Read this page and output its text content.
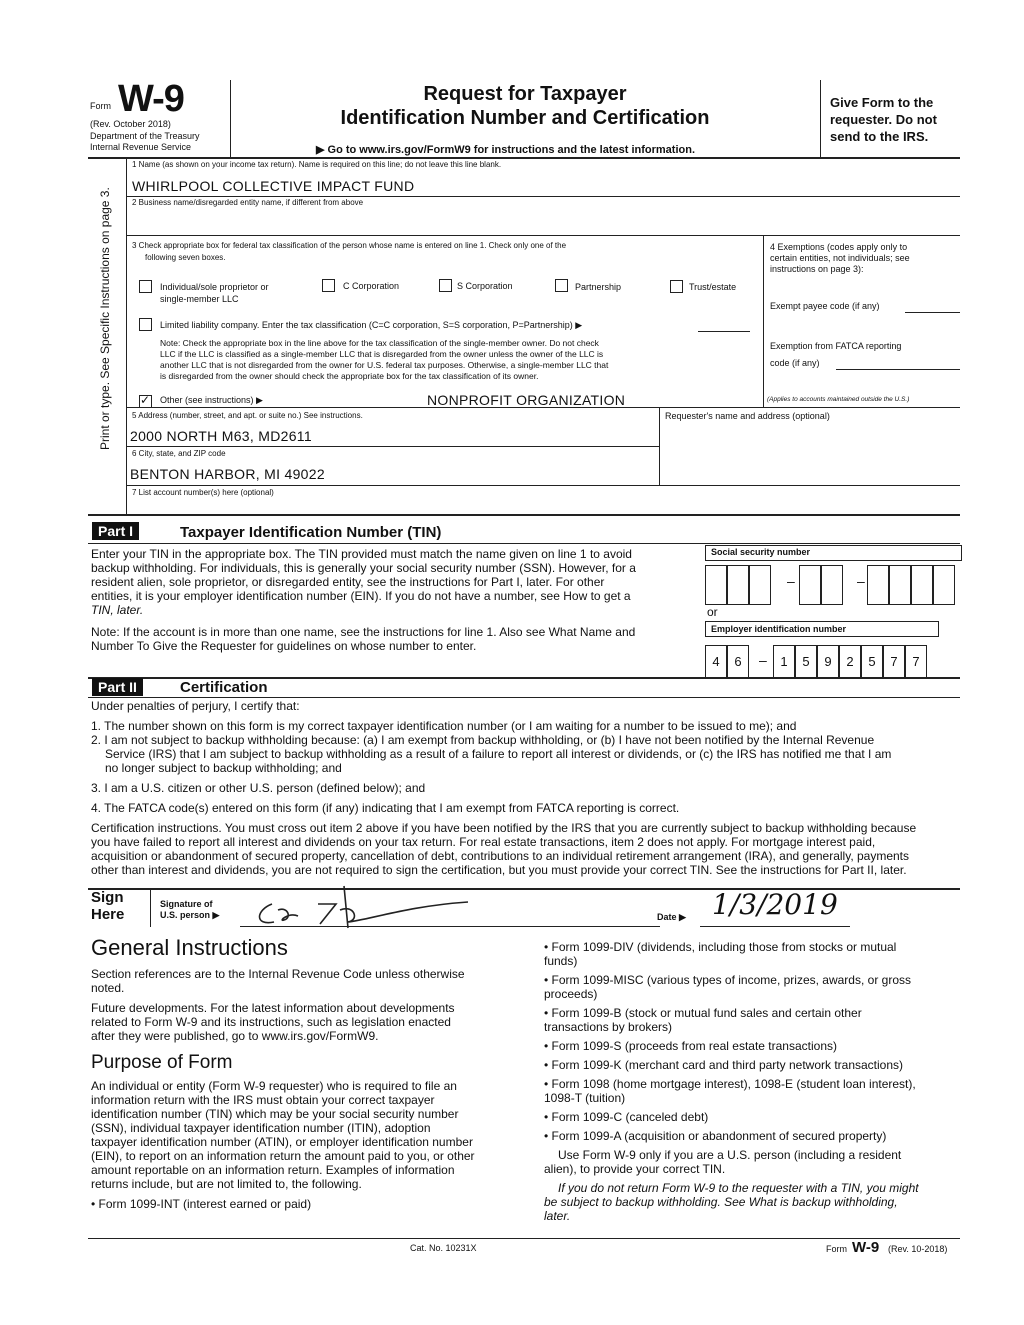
Form W-9
(Rev. October 2018)
Department of the Treasury
Internal Revenue Service
Request for Taxpayer
Identification Number and Certification
▶ Go to www.irs.gov/FormW9 for instructions and the latest information.
Give Form to the
requester. Do not
send to the IRS.
Print or type. See Specific Instructions on page 3.
1 Name (as shown on your income tax return). Name is required on this line; do not leave this line blank.
WHIRLPOOL COLLECTIVE IMPACT FUND
2 Business name/disregarded entity name, if different from above
3 Check appropriate box for federal tax classification of the person whose name is entered on line 1. Check only one of the
following seven boxes.
Individual/sole proprietor or
single-member LLC
C Corporation	S Corporation	Partnership	Trust/estate
Limited liability company. Enter the tax classification (C=C corporation, S=S corporation, P=Partnership) ▶
Note: Check the appropriate box in the line above for the tax classification of the single-member owner. Do not check
LLC if the LLC is classified as a single-member LLC that is disregarded from the owner unless the owner of the LLC is
another LLC that is not disregarded from the owner for U.S. federal tax purposes. Otherwise, a single-member LLC that
is disregarded from the owner should check the appropriate box for the tax classification of its owner.
✓
Other (see instructions) ▶	NONPROFIT ORGANIZATION
4 Exemptions (codes apply only to
certain entities, not individuals; see
instructions on page 3):
Exempt payee code (if any)
Exemption from FATCA reporting
code (if any)
(Applies to accounts maintained outside the U.S.)
5 Address (number, street, and apt. or suite no.) See instructions.
2000 NORTH M63, MD2611
Requester's name and address (optional)
6 City, state, and ZIP code
BENTON HARBOR, MI 49022
7 List account number(s) here (optional)
Part I	Taxpayer Identification Number (TIN)
Enter your TIN in the appropriate box. The TIN provided must match the name given on line 1 to avoid
backup withholding. For individuals, this is generally your social security number (SSN). However, for a
resident alien, sole proprietor, or disregarded entity, see the instructions for Part I, later. For other
entities, it is your employer identification number (EIN). If you do not have a number, see How to get a
TIN, later.
Note: If the account is in more than one name, see the instructions for line 1. Also see What Name and
Number To Give the Requester for guidelines on whose number to enter.
Social security number
–	–
or
Employer identification number
4	6	–	1	5	9	2	5	7	7
Part II	Certification
Under penalties of perjury, I certify that:
1. The number shown on this form is my correct taxpayer identification number (or I am waiting for a number to be issued to me); and
2. I am not subject to backup withholding because: (a) I am exempt from backup withholding, or (b) I have not been notified by the Internal Revenue
Service (IRS) that I am subject to backup withholding as a result of a failure to report all interest or dividends, or (c) the IRS has notified me that I am
no longer subject to backup withholding; and
3. I am a U.S. citizen or other U.S. person (defined below); and
4. The FATCA code(s) entered on this form (if any) indicating that I am exempt from FATCA reporting is correct.
Certification instructions. You must cross out item 2 above if you have been notified by the IRS that you are currently subject to backup withholding because
you have failed to report all interest and dividends on your tax return. For real estate transactions, item 2 does not apply. For mortgage interest paid,
acquisition or abandonment of secured property, cancellation of debt, contributions to an individual retirement arrangement (IRA), and generally, payments
other than interest and dividends, you are not required to sign the certification, but you must provide your correct TIN. See the instructions for Part II, later.
Sign
Here
Signature of
U.S. person ▶	Date ▶ 1/3/2019
General Instructions
Section references are to the Internal Revenue Code unless otherwise
noted.
Future developments. For the latest information about developments
related to Form W-9 and its instructions, such as legislation enacted
after they were published, go to www.irs.gov/FormW9.
Purpose of Form
An individual or entity (Form W-9 requester) who is required to file an
information return with the IRS must obtain your correct taxpayer
identification number (TIN) which may be your social security number
(SSN), individual taxpayer identification number (ITIN), adoption
taxpayer identification number (ATIN), or employer identification number
(EIN), to report on an information return the amount paid to you, or other
amount reportable on an information return. Examples of information
returns include, but are not limited to, the following.
• Form 1099-INT (interest earned or paid)
• Form 1099-DIV (dividends, including those from stocks or mutual
funds)
• Form 1099-MISC (various types of income, prizes, awards, or gross
proceeds)
• Form 1099-B (stock or mutual fund sales and certain other
transactions by brokers)
• Form 1099-S (proceeds from real estate transactions)
• Form 1099-K (merchant card and third party network transactions)
• Form 1098 (home mortgage interest), 1098-E (student loan interest),
1098-T (tuition)
• Form 1099-C (canceled debt)
• Form 1099-A (acquisition or abandonment of secured property)
Use Form W-9 only if you are a U.S. person (including a resident
alien), to provide your correct TIN.
If you do not return Form W-9 to the requester with a TIN, you might
be subject to backup withholding. See What is backup withholding,
later.
Cat. No. 10231X	Form W-9 (Rev. 10-2018)
